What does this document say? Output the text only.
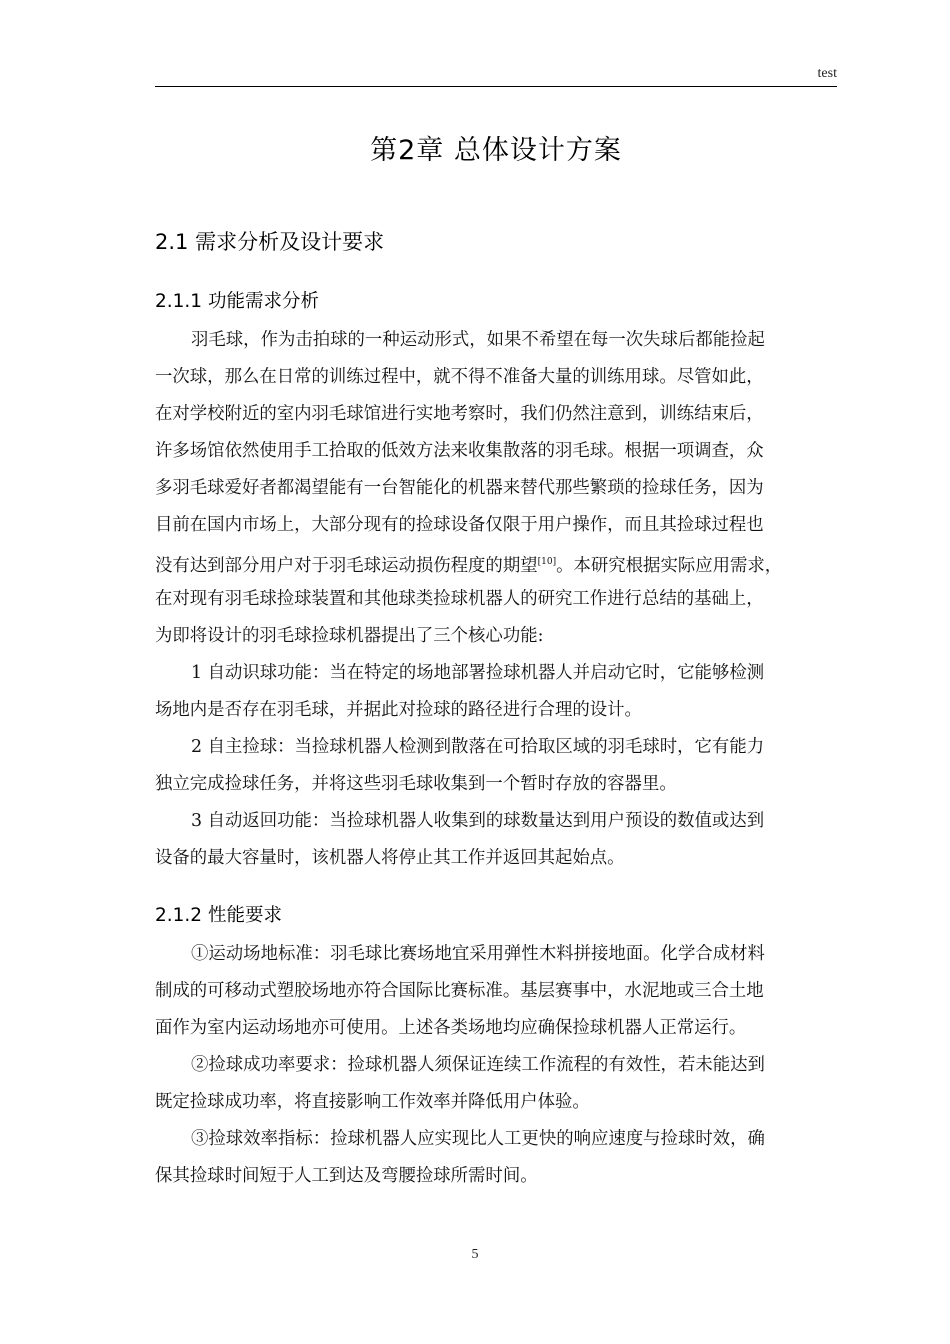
test
第2章 总体设计方案
2.1 需求分析及设计要求
2.1.1 功能需求分析
羽毛球，作为击拍球的一种运动形式，如果不希望在每一次失球后都能捡起
一次球，那么在日常的训练过程中，就不得不准备大量的训练用球。尽管如此，
在对学校附近的室内羽毛球馆进行实地考察时，我们仍然注意到，训练结束后，
许多场馆依然使用手工拾取的低效方法来收集散落的羽毛球。根据一项调查，众
多羽毛球爱好者都渴望能有一台智能化的机器来替代那些繁琐的捡球任务，因为
目前在国内市场上，大部分现有的捡球设备仅限于用户操作，而且其捡球过程也
没有达到部分用户对于羽毛球运动损伤程度的期望[10]。本研究根据实际应用需求，
在对现有羽毛球捡球装置和其他球类捡球机器人的研究工作进行总结的基础上，
为即将设计的羽毛球捡球机器提出了三个核心功能:
1 自动识球功能：当在特定的场地部署捡球机器人并启动它时，它能够检测
场地内是否存在羽毛球，并据此对捡球的路径进行合理的设计。
2 自主捡球：当捡球机器人检测到散落在可拾取区域的羽毛球时，它有能力
独立完成捡球任务，并将这些羽毛球收集到一个暂时存放的容器里。
3 自动返回功能：当捡球机器人收集到的球数量达到用户预设的数值或达到
设备的最大容量时，该机器人将停止其工作并返回其起始点。
2.1.2 性能要求
①运动场地标准：羽毛球比赛场地宜采用弹性木料拼接地面。化学合成材料
制成的可移动式塑胶场地亦符合国际比赛标准。基层赛事中，水泥地或三合土地
面作为室内运动场地亦可使用。上述各类场地均应确保捡球机器人正常运行。
②捡球成功率要求：捡球机器人须保证连续工作流程的有效性，若未能达到
既定捡球成功率，将直接影响工作效率并降低用户体验。
③捡球效率指标：捡球机器人应实现比人工更快的响应速度与捡球时效，确
保其捡球时间短于人工到达及弯腰捡球所需时间。
5
